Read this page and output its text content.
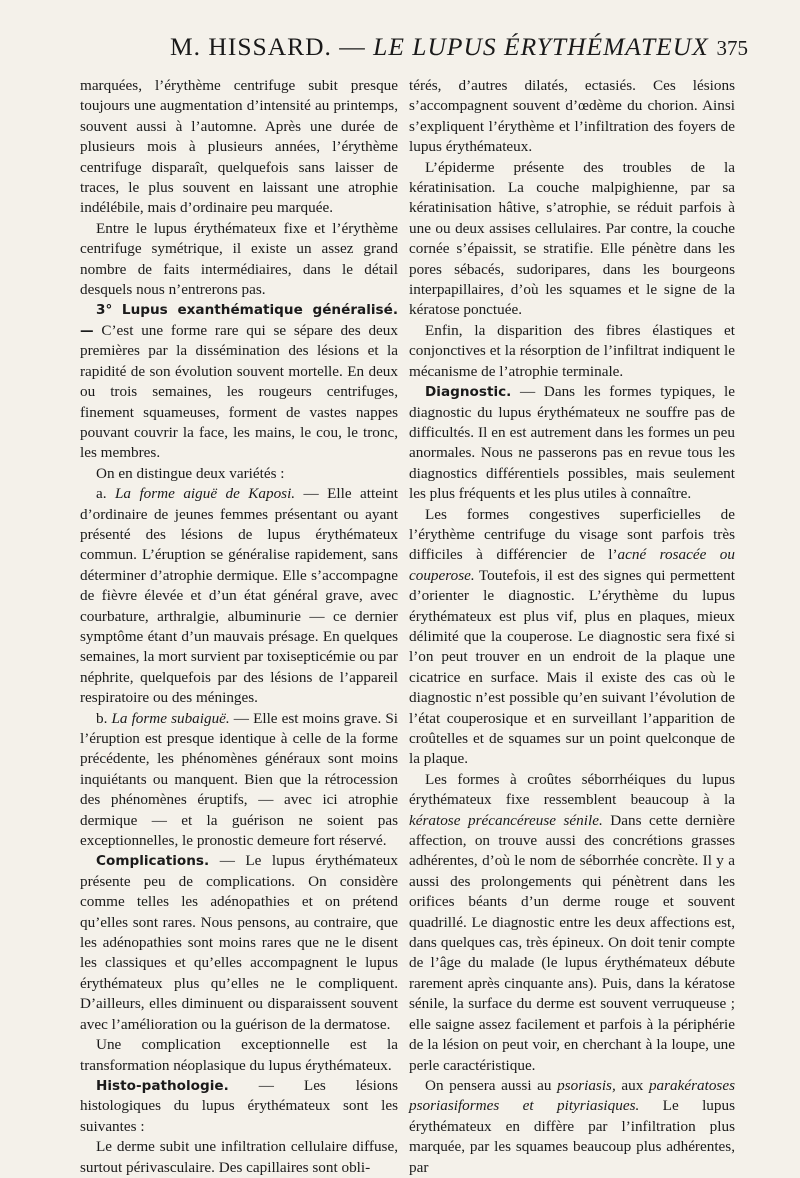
M. HISSARD. — LE LUPUS ÉRYTHÉMATEUX 375

marquées, l’érythème centrifuge subit presque toujours une augmentation d’intensité au printemps, souvent aussi à l’automne. Après une durée de plusieurs mois à plusieurs années, l’érythème centrifuge disparaît, quelquefois sans laisser de traces, le plus souvent en laissant une atrophie indélébile, mais d’ordinaire peu marquée.

Entre le lupus érythémateux fixe et l’érythème centrifuge symétrique, il existe un assez grand nombre de faits intermédiaires, dans le détail desquels nous n’entrerons pas.

3° Lupus exanthématique généralisé. — C’est une forme rare qui se sépare des deux premières par la dissémination des lésions et la rapidité de son évolution souvent mortelle. En deux ou trois semaines, les rougeurs centrifuges, finement squameuses, forment de vastes nappes pouvant couvrir la face, les mains, le cou, le tronc, les membres.

On en distingue deux variétés :

a. La forme aiguë de Kaposi. — Elle atteint d’ordinaire de jeunes femmes présentant ou ayant présenté des lésions de lupus érythémateux commun. L’éruption se généralise rapidement, sans déterminer d’atrophie dermique. Elle s’accompagne de fièvre élevée et d’un état général grave, avec courbature, arthralgie, albuminurie — ce dernier symptôme étant d’un mauvais présage. En quelques semaines, la mort survient par toxisepticémie ou par néphrite, quelquefois par des lésions de l’appareil respiratoire ou des méninges.

b. La forme subaiguë. — Elle est moins grave. Si l’éruption est presque identique à celle de la forme précédente, les phénomènes généraux sont moins inquiétants ou manquent. Bien que la rétrocession des phénomènes éruptifs, — avec ici atrophie dermique — et la guérison ne soient pas exceptionnelles, le pronostic demeure fort réservé.

Complications. — Le lupus érythémateux présente peu de complications. On considère comme telles les adénopathies et on prétend qu’elles sont rares. Nous pensons, au contraire, que les adénopathies sont moins rares que ne le disent les classiques et qu’elles accompagnent le lupus érythémateux plus qu’elles ne le compliquent. D’ailleurs, elles diminuent ou disparaissent souvent avec l’amélioration ou la guérison de la dermatose.

Une complication exceptionnelle est la transformation néoplasique du lupus érythémateux.

Histo-pathologie. — Les lésions histologiques du lupus érythémateux sont les suivantes :

Le derme subit une infiltration cellulaire diffuse, surtout périvasculaire. Des capillaires sont obli-

térés, d’autres dilatés, ectasiés. Ces lésions s’accompagnent souvent d’œdème du chorion. Ainsi s’expliquent l’érythème et l’infiltration des foyers de lupus érythémateux.

L’épiderme présente des troubles de la kératinisation. La couche malpighienne, par sa kératinisation hâtive, s’atrophie, se réduit parfois à une ou deux assises cellulaires. Par contre, la couche cornée s’épaissit, se stratifie. Elle pénètre dans les pores sébacés, sudoripares, dans les bourgeons interpapillaires, d’où les squames et le signe de la kératose ponctuée.

Enfin, la disparition des fibres élastiques et conjonctives et la résorption de l’infiltrat indiquent le mécanisme de l’atrophie terminale.

Diagnostic. — Dans les formes typiques, le diagnostic du lupus érythémateux ne souffre pas de difficultés. Il en est autrement dans les formes un peu anormales. Nous ne passerons pas en revue tous les diagnostics différentiels possibles, mais seulement les plus fréquents et les plus utiles à connaître.

Les formes congestives superficielles de l’érythème centrifuge du visage sont parfois très difficiles à différencier de l’acné rosacée ou couperose. Toutefois, il est des signes qui permettent d’orienter le diagnostic. L’érythème du lupus érythémateux est plus vif, plus en plaques, mieux délimité que la couperose. Le diagnostic sera fixé si l’on peut trouver en un endroit de la plaque une cicatrice en surface. Mais il existe des cas où le diagnostic n’est possible qu’en suivant l’évolution de l’état couperosique et en surveillant l’apparition de croûtelles et de squames sur un point quelconque de la plaque.

Les formes à croûtes séborrhéiques du lupus érythémateux fixe ressemblent beaucoup à la kératose précancéreuse sénile. Dans cette dernière affection, on trouve aussi des concrétions grasses adhérentes, d’où le nom de séborrhée concrète. Il y a aussi des prolongements qui pénètrent dans les orifices béants d’un derme rouge et souvent quadrillé. Le diagnostic entre les deux affections est, dans quelques cas, très épineux. On doit tenir compte de l’âge du malade (le lupus érythémateux débute rarement après cinquante ans). Puis, dans la kératose sénile, la surface du derme est souvent verruqueuse ; elle saigne assez facilement et parfois à la périphérie de la lésion on peut voir, en cherchant à la loupe, une perle caractéristique.

On pensera aussi au psoriasis, aux parakératoses psoriasiformes et pityriasiques. Le lupus érythémateux en diffère par l’infiltration plus marquée, par les squames beaucoup plus adhérentes, par
